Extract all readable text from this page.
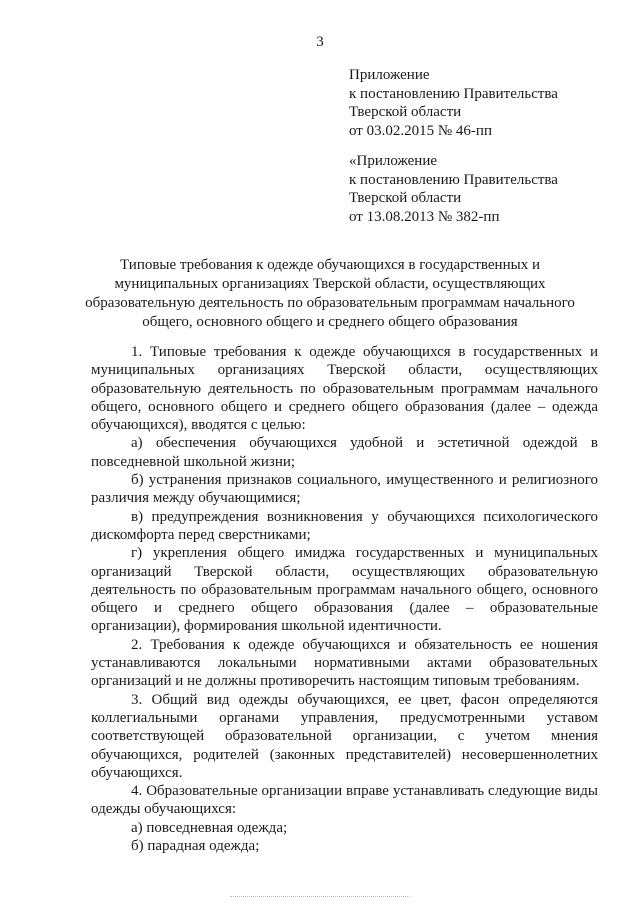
3
Приложение
к постановлению Правительства
Тверской области
от 03.02.2015 № 46-пп
«Приложение
к постановлению Правительства
Тверской области
от 13.08.2013 № 382-пп
Типовые требования к одежде обучающихся в государственных и
муниципальных организациях Тверской области, осуществляющих
образовательную деятельность по образовательным программам начального
общего, основного общего и среднего общего образования

1. Типовые требования к одежде обучающихся в государственных и муниципальных организациях Тверской области, осуществляющих образовательную деятельность по образовательным программам начального общего, основного общего и среднего общего образования (далее – одежда обучающихся), вводятся с целью:

а) обеспечения обучающихся удобной и эстетичной одеждой в повседневной школьной жизни;

б) устранения признаков социального, имущественного и религиозного различия между обучающимися;

в) предупреждения возникновения у обучающихся психологического дискомфорта перед сверстниками;

г) укрепления общего имиджа государственных и муниципальных организаций Тверской области, осуществляющих образовательную деятельность по образовательным программам начального общего, основного общего и среднего общего образования (далее – образовательные организации), формирования школьной идентичности.

2. Требования к одежде обучающихся и обязательность ее ношения устанавливаются локальными нормативными актами образовательных организаций и не должны противоречить настоящим типовым требованиям.

3. Общий вид одежды обучающихся, ее цвет, фасон определяются коллегиальными органами управления, предусмотренными уставом соответствующей образовательной организации, с учетом мнения обучающихся, родителей (законных представителей) несовершеннолетних обучающихся.

4. Образовательные организации вправе устанавливать следующие виды одежды обучающихся:

а) повседневная одежда;

б) парадная одежда;
